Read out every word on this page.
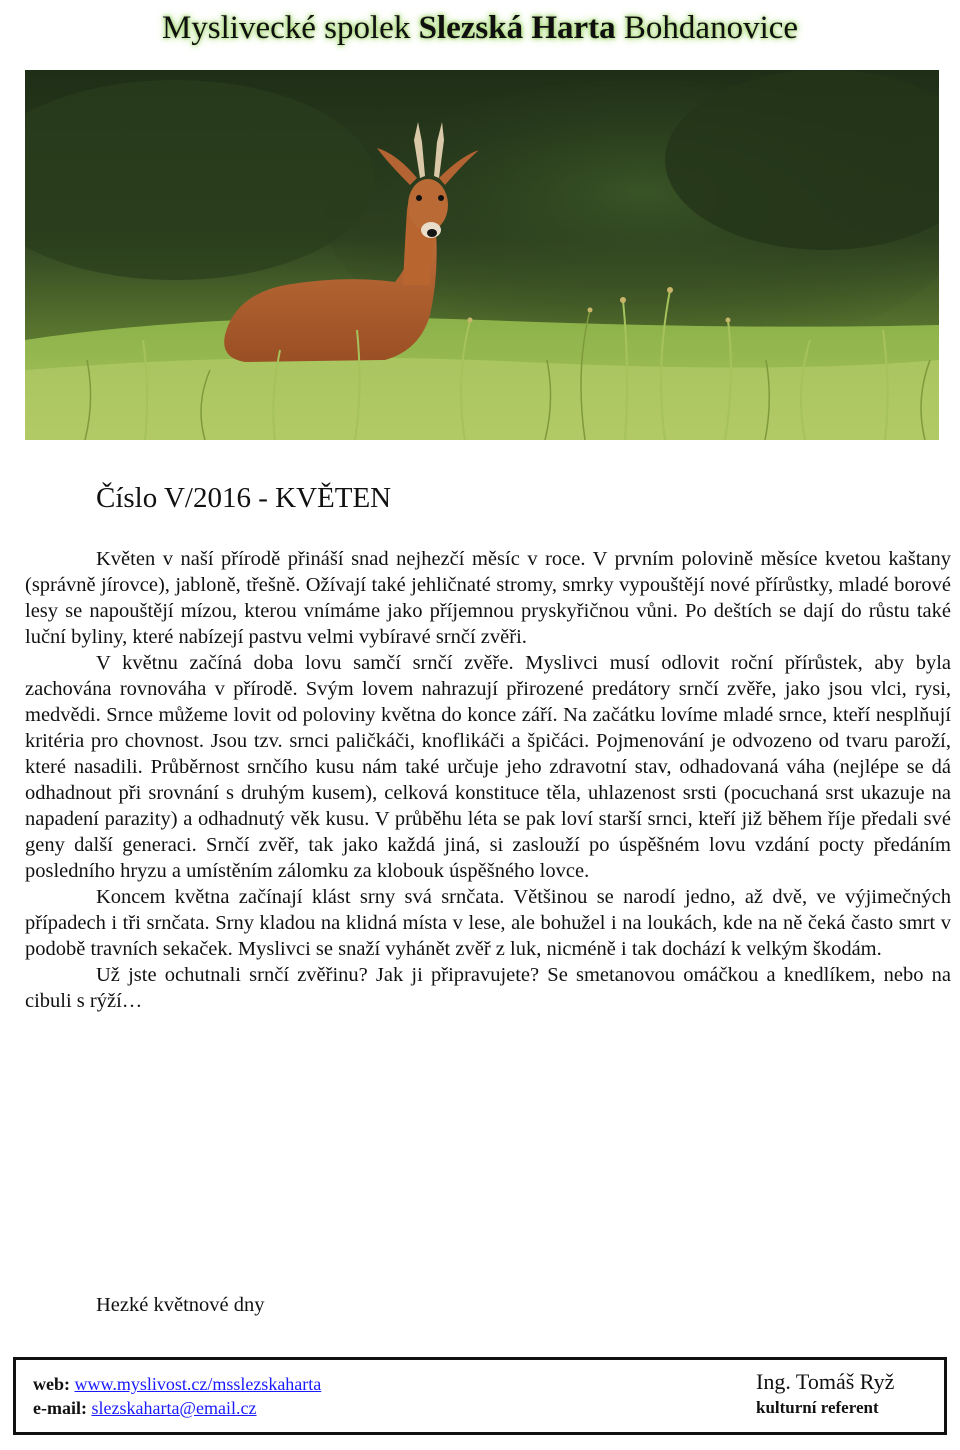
Myslivecké spolek Slezská Harta Bohdanovice
Číslo V/2016 - KVĚTEN

Květen v naší přírodě přináší snad nejhezčí měsíc v roce. V prvním polovině měsíce kvetou kaštany (správně jírovce), jabloně, třešně. Ožívají také jehličnaté stromy, smrky vypouštějí nové přírůstky, mladé borové lesy se napouštějí mízou, kterou vnímáme jako příjemnou pryskyřičnou vůni. Po deštích se dají do růstu také luční byliny, které nabízejí pastvu velmi vybíravé srnčí zvěři.

V květnu začíná doba lovu samčí srnčí zvěře. Myslivci musí odlovit roční přírůstek, aby byla zachována rovnováha v přírodě. Svým lovem nahrazují přirozené predátory srnčí zvěře, jako jsou vlci, rysi, medvědi. Srnce můžeme lovit od poloviny května do konce září. Na začátku lovíme mladé srnce, kteří nesplňují kritéria pro chovnost. Jsou tzv. srnci paličkáči, knoflikáči a špičáci. Pojmenování je odvozeno od tvaru paroží, které nasadili. Průběrnost srnčího kusu nám také určuje jeho zdravotní stav, odhadovaná váha (nejlépe se dá odhadnout při srovnání s druhým kusem), celková konstituce těla, uhlazenost srsti (pocuchaná srst ukazuje na napadení parazity) a odhadnutý věk kusu. V průběhu léta se pak loví starší srnci, kteří již během říje předali své geny další generaci. Srnčí zvěř, tak jako každá jiná, si zaslouží po úspěšném lovu vzdání pocty předáním posledního hryzu a umístěním zálomku za klobouk úspěšného lovce.

Koncem května začínají klást srny svá srnčata. Většinou se narodí jedno, až dvě, ve výjimečných případech i tři srnčata. Srny kladou na klidná místa v lese, ale bohužel i na loukách, kde na ně čeká často smrt v podobě travních sekaček. Myslivci se snaží vyhánět zvěř z luk, nicméně i tak dochází k velkým škodám.

Už jste ochutnali srnčí zvěřinu? Jak ji připravujete? Se smetanovou omáčkou a knedlíkem, nebo na cibuli s rýží…

Hezké květnové dny
web: www.myslivost.cz/msslezskaharta
e-mail: slezskaharta@email.cz
Ing. Tomáš Ryž
kulturní referent
